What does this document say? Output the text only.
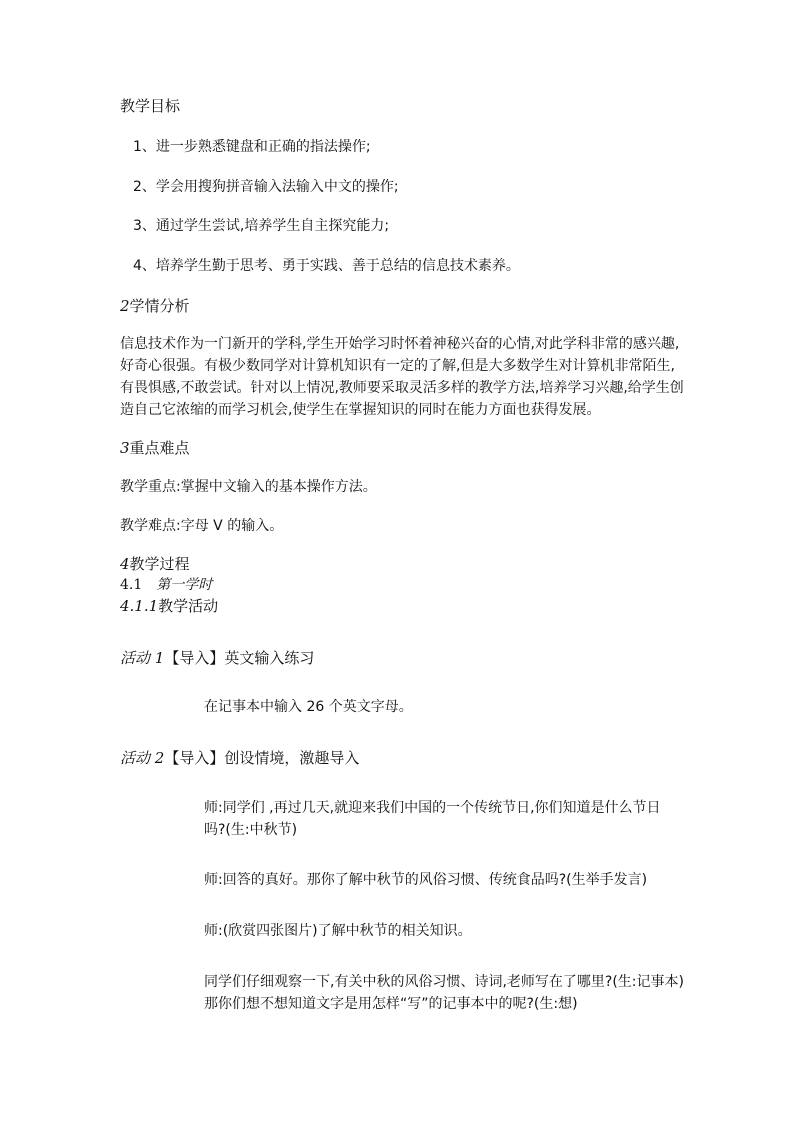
教学目标
1、进一步熟悉键盘和正确的指法操作;
2、学会用搜狗拼音输入法输入中文的操作;
3、通过学生尝试,培养学生自主探究能力;
4、培养学生勤于思考、勇于实践、善于总结的信息技术素养。
2学情分析
信息技术作为一门新开的学科,学生开始学习时怀着神秘兴奋的心情,对此学科非常的感兴趣,
好奇心很强。有极少数同学对计算机知识有一定的了解,但是大多数学生对计算机非常陌生,
有畏惧感,不敢尝试。针对以上情况,教师要采取灵活多样的教学方法,培养学习兴趣,给学生创
造自己它浓缩的而学习机会,使学生在掌握知识的同时在能力方面也获得发展。
3重点难点
教学重点:掌握中文输入的基本操作方法。
教学难点:字母 V 的输入。
4教学过程
4.1 第一学时
4.1.1教学活动
活动 1【导入】英文输入练习
在记事本中输入 26 个英文字母。
活动 2【导入】创设情境，激趣导入
师:同学们 ,再过几天,就迎来我们中国的一个传统节日,你们知道是什么节日
吗?(生:中秋节)
师:回答的真好。那你了解中秋节的风俗习惯、传统食品吗?(生举手发言)
师:(欣赏四张图片)了解中秋节的相关知识。
同学们仔细观察一下,有关中秋的风俗习惯、诗词,老师写在了哪里?(生:记事本)
那你们想不想知道文字是用怎样“写”的记事本中的呢?(生:想)
